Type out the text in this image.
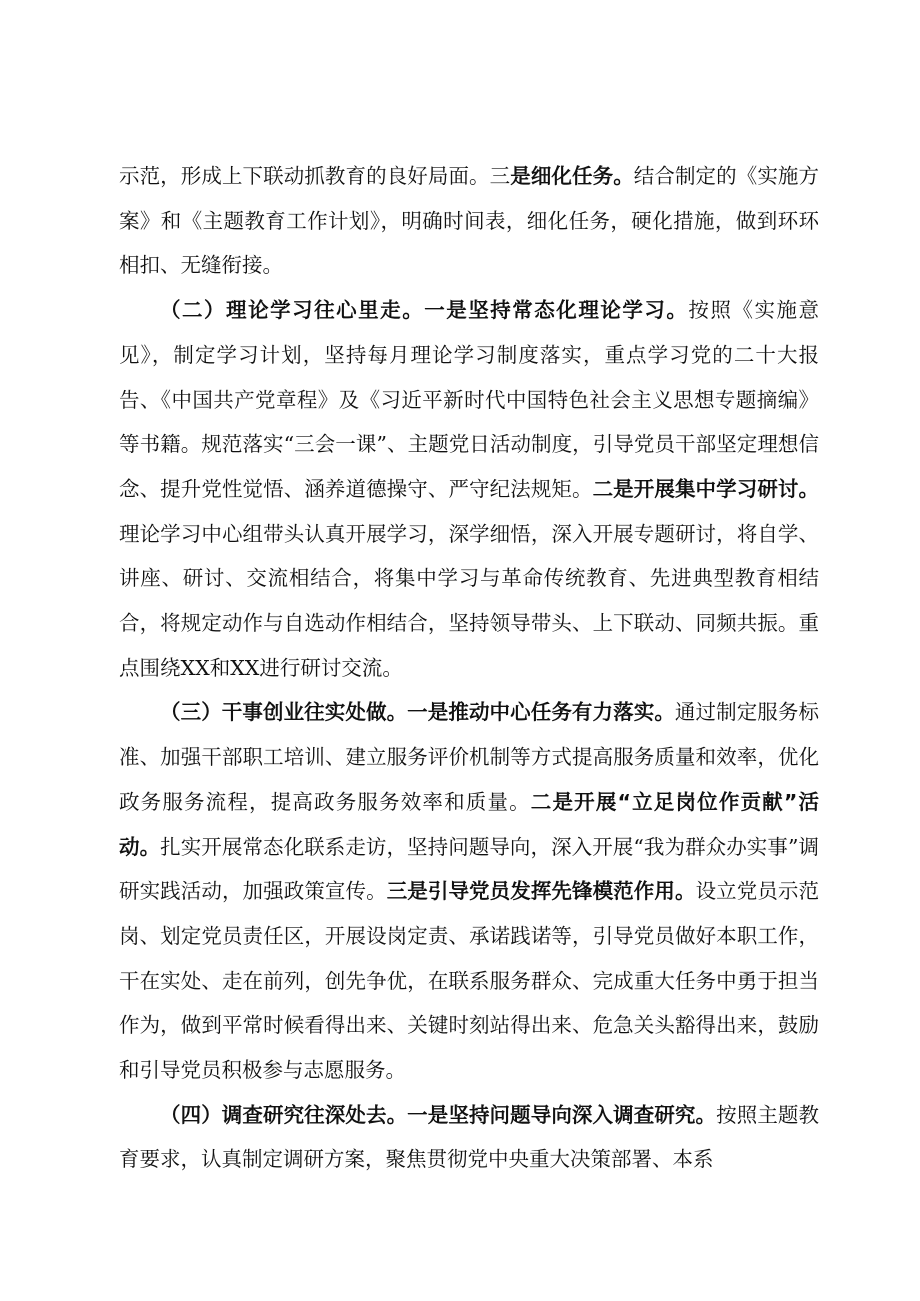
示范，形成上下联动抓教育的良好局面。三是细化任务。结合制定的《实施方案》和《主题教育工作计划》，明确时间表，细化任务，硬化措施，做到环环相扣、无缝衔接。

（二）理论学习往心里走。一是坚持常态化理论学习。按照《实施意见》，制定学习计划，坚持每月理论学习制度落实，重点学习党的二十大报告、《中国共产党章程》及《习近平新时代中国特色社会主义思想专题摘编》等书籍。规范落实“三会一课”、主题党日活动制度，引导党员干部坚定理想信念、提升党性觉悟、涵养道德操守、严守纪法规矩。二是开展集中学习研讨。理论学习中心组带头认真开展学习，深学细悟，深入开展专题研讨，将自学、讲座、研讨、交流相结合，将集中学习与革命传统教育、先进典型教育相结合，将规定动作与自选动作相结合，坚持领导带头、上下联动、同频共振。重点围绕XX和XX进行研讨交流。

（三）干事创业往实处做。一是推动中心任务有力落实。通过制定服务标准、加强干部职工培训、建立服务评价机制等方式提高服务质量和效率，优化政务服务流程，提高政务服务效率和质量。二是开展“立足岗位作贡献”活动。扎实开展常态化联系走访，坚持问题导向，深入开展“我为群众办实事”调研实践活动，加强政策宣传。三是引导党员发挥先锋模范作用。设立党员示范岗、划定党员责任区，开展设岗定责、承诺践诺等，引导党员做好本职工作，干在实处、走在前列，创先争优，在联系服务群众、完成重大任务中勇于担当作为，做到平常时候看得出来、关键时刻站得出来、危急关头豁得出来，鼓励和引导党员积极参与志愿服务。

（四）调查研究往深处去。一是坚持问题导向深入调查研究。按照主题教育要求，认真制定调研方案，聚焦贯彻党中央重大决策部署、本系
